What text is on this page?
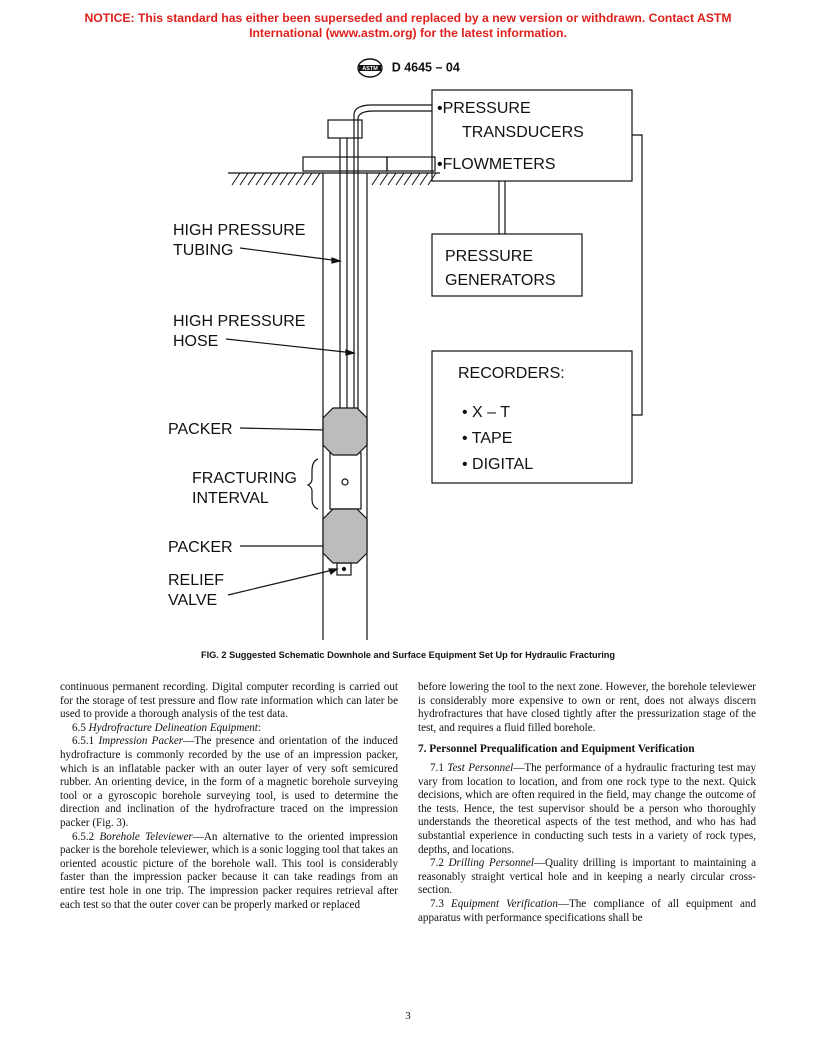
NOTICE: This standard has either been superseded and replaced by a new version or withdrawn. Contact ASTM
International (www.astm.org) for the latest information.
ASTM D 4645 – 04
•PRESSURE
TRANSDUCERS
•FLOWMETERS
PRESSURE
GENERATORS
HIGH PRESSURE
TUBING
HIGH PRESSURE
HOSE
RECORDERS:
• X – T
• TAPE
• DIGITAL
PACKER
FRACTURING
INTERVAL
PACKER
RELIEF
VALVE
FIG. 2 Suggested Schematic Downhole and Surface Equipment Set Up for Hydraulic Fracturing

continuous permanent recording. Digital computer recording is carried out for the storage of test pressure and flow rate information which can later be used to provide a thorough analysis of the test data.

6.5 Hydrofracture Delineation Equipment:

6.5.1 Impression Packer—The presence and orientation of the induced hydrofracture is commonly recorded by the use of an impression packer, which is an inflatable packer with an outer layer of very soft semicured rubber. An orienting device, in the form of a magnetic borehole surveying tool or a gyroscopic borehole surveying tool, is used to determine the direction and inclination of the hydrofracture traced on the impression packer (Fig. 3).

6.5.2 Borehole Televiewer—An alternative to the oriented impression packer is the borehole televiewer, which is a sonic logging tool that takes an oriented acoustic picture of the borehole wall. This tool is considerably faster than the impression packer because it can take readings from an entire test hole in one trip. The impression packer requires retrieval after each test so that the outer cover can be properly marked or replaced

before lowering the tool to the next zone. However, the borehole televiewer is considerably more expensive to own or rent, does not always discern hydrofractures that have closed tightly after the pressurization stage of the test, and requires a fluid filled borehole.

7. Personnel Prequalification and Equipment Verification

7.1 Test Personnel—The performance of a hydraulic fracturing test may vary from location to location, and from one rock type to the next. Quick decisions, which are often required in the field, may change the outcome of the tests. Hence, the test supervisor should be a person who thoroughly understands the theoretical aspects of the test method, and who has had substantial experience in conducting such tests in a variety of rock types, depths, and locations.

7.2 Drilling Personnel—Quality drilling is important to maintaining a reasonably straight vertical hole and in keeping a nearly circular cross-section.

7.3 Equipment Verification—The compliance of all equipment and apparatus with performance specifications shall be

3
